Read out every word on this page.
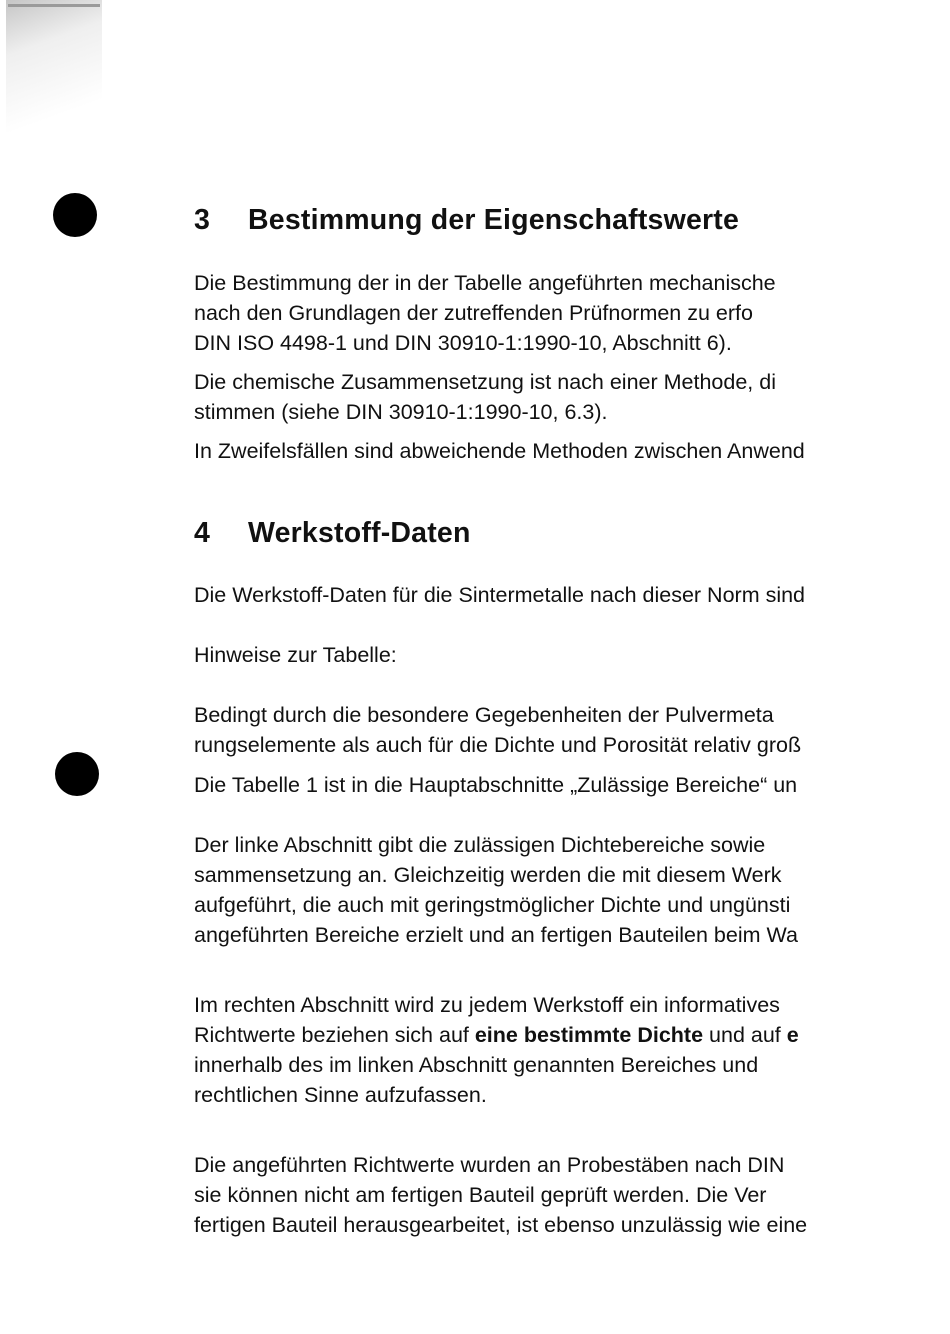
3 Bestimmung der Eigenschaftswerte

Die Bestimmung der in der Tabelle angeführten mechanische
nach den Grundlagen der zutreffenden Prüfnormen zu erfo
DIN ISO 4498-1 und DIN 30910-1:1990-10, Abschnitt 6).

Die chemische Zusammensetzung ist nach einer Methode, di
stimmen (siehe DIN 30910-1:1990-10, 6.3).

In Zweifelsfällen sind abweichende Methoden zwischen Anwend

4 Werkstoff-Daten

Die Werkstoff-Daten für die Sintermetalle nach dieser Norm sind

Hinweise zur Tabelle:

Bedingt durch die besondere Gegebenheiten der Pulvermeta
rungselemente als auch für die Dichte und Porosität relativ groß

Die Tabelle 1 ist in die Hauptabschnitte „Zulässige Bereiche“ un

Der linke Abschnitt gibt die zulässigen Dichtebereiche sowie
sammensetzung an. Gleichzeitig werden die mit diesem Werk
aufgeführt, die auch mit geringstmöglicher Dichte und ungünsti
angeführten Bereiche erzielt und an fertigen Bauteilen beim Wa

Im rechten Abschnitt wird zu jedem Werkstoff ein informatives
Richtwerte beziehen sich auf eine bestimmte Dichte und auf e
innerhalb des im linken Abschnitt genannten Bereiches und
rechtlichen Sinne aufzufassen.

Die angeführten Richtwerte wurden an Probestäben nach DIN
sie können nicht am fertigen Bauteil geprüft werden. Die Ver
fertigen Bauteil herausgearbeitet, ist ebenso unzulässig wie eine
